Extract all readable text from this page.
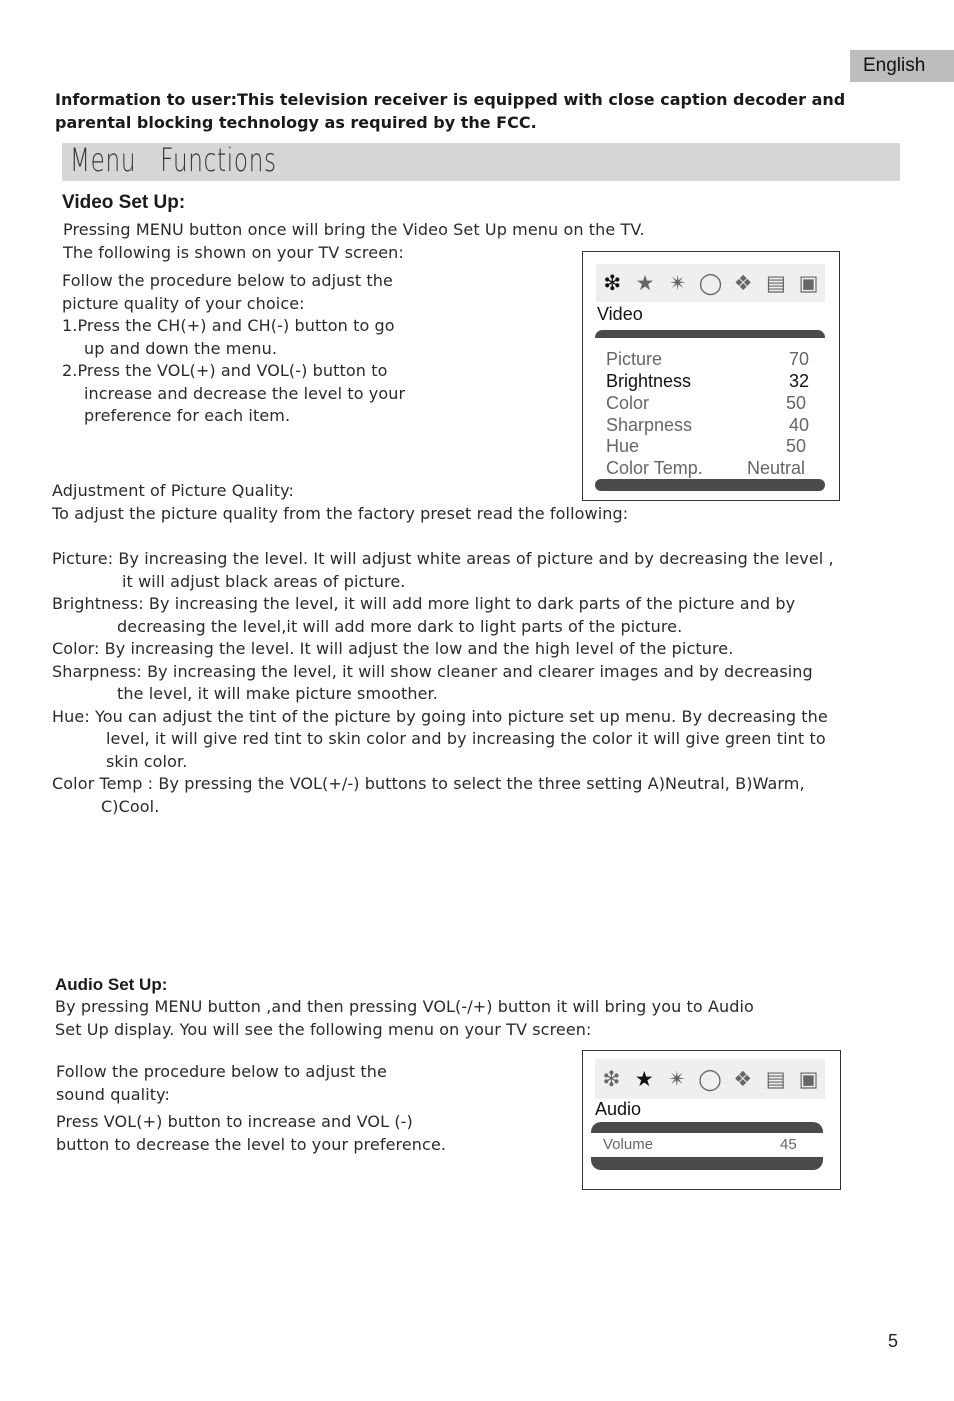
English
Information to user:This television receiver is equipped with close caption decoder and
parental blocking technology as required by the FCC.
Menu   Functions
Video Set Up:
Pressing MENU button once will bring the Video Set Up menu on the TV.
The following is shown on your TV screen:
Follow the procedure below to adjust the
picture quality of your choice:
1.Press the CH(+) and CH(-) button to go
up and down the menu.
2.Press the VOL(+) and VOL(-) button to
increase and decrease the level to your
preference for each item.
❇ ★ ✴ ◯ ❖ ▤ ▣
Video
Picture	70
Brightness	32
Color	50
Sharpness	40
Hue	50
Color Temp. Neutral
Adjustment of Picture Quality:
To adjust the picture quality from the factory preset read the following:
Picture: By increasing the level. It will adjust white areas of picture and by decreasing the level ,
it will adjust black areas of picture.
Brightness: By increasing the level, it will add more light to dark parts of the picture and by
decreasing the level,it will add more dark to light parts of the picture.
Color: By increasing the level. It will adjust the low and the high level of the picture.
Sharpness: By increasing the level, it will show cleaner and clearer images and by decreasing
the level, it will make picture smoother.
Hue: You can adjust the tint of the picture by going into picture set up menu. By decreasing the
level, it will give red tint to skin color and by increasing the color it will give green tint to
skin color.
Color Temp : By pressing the VOL(+/-) buttons to select the three setting A)Neutral, B)Warm,
C)Cool.
Audio Set Up:
By pressing MENU button ,and then pressing VOL(-/+) button it will bring you to Audio
Set Up display. You will see the following menu on your TV screen:
Follow the procedure below to adjust the
sound quality:
Press VOL(+) button to increase and VOL (-)
button to decrease the level to your preference.
❇ ★ ✴ ◯ ❖ ▤ ▣
Audio
Volume	45
5
